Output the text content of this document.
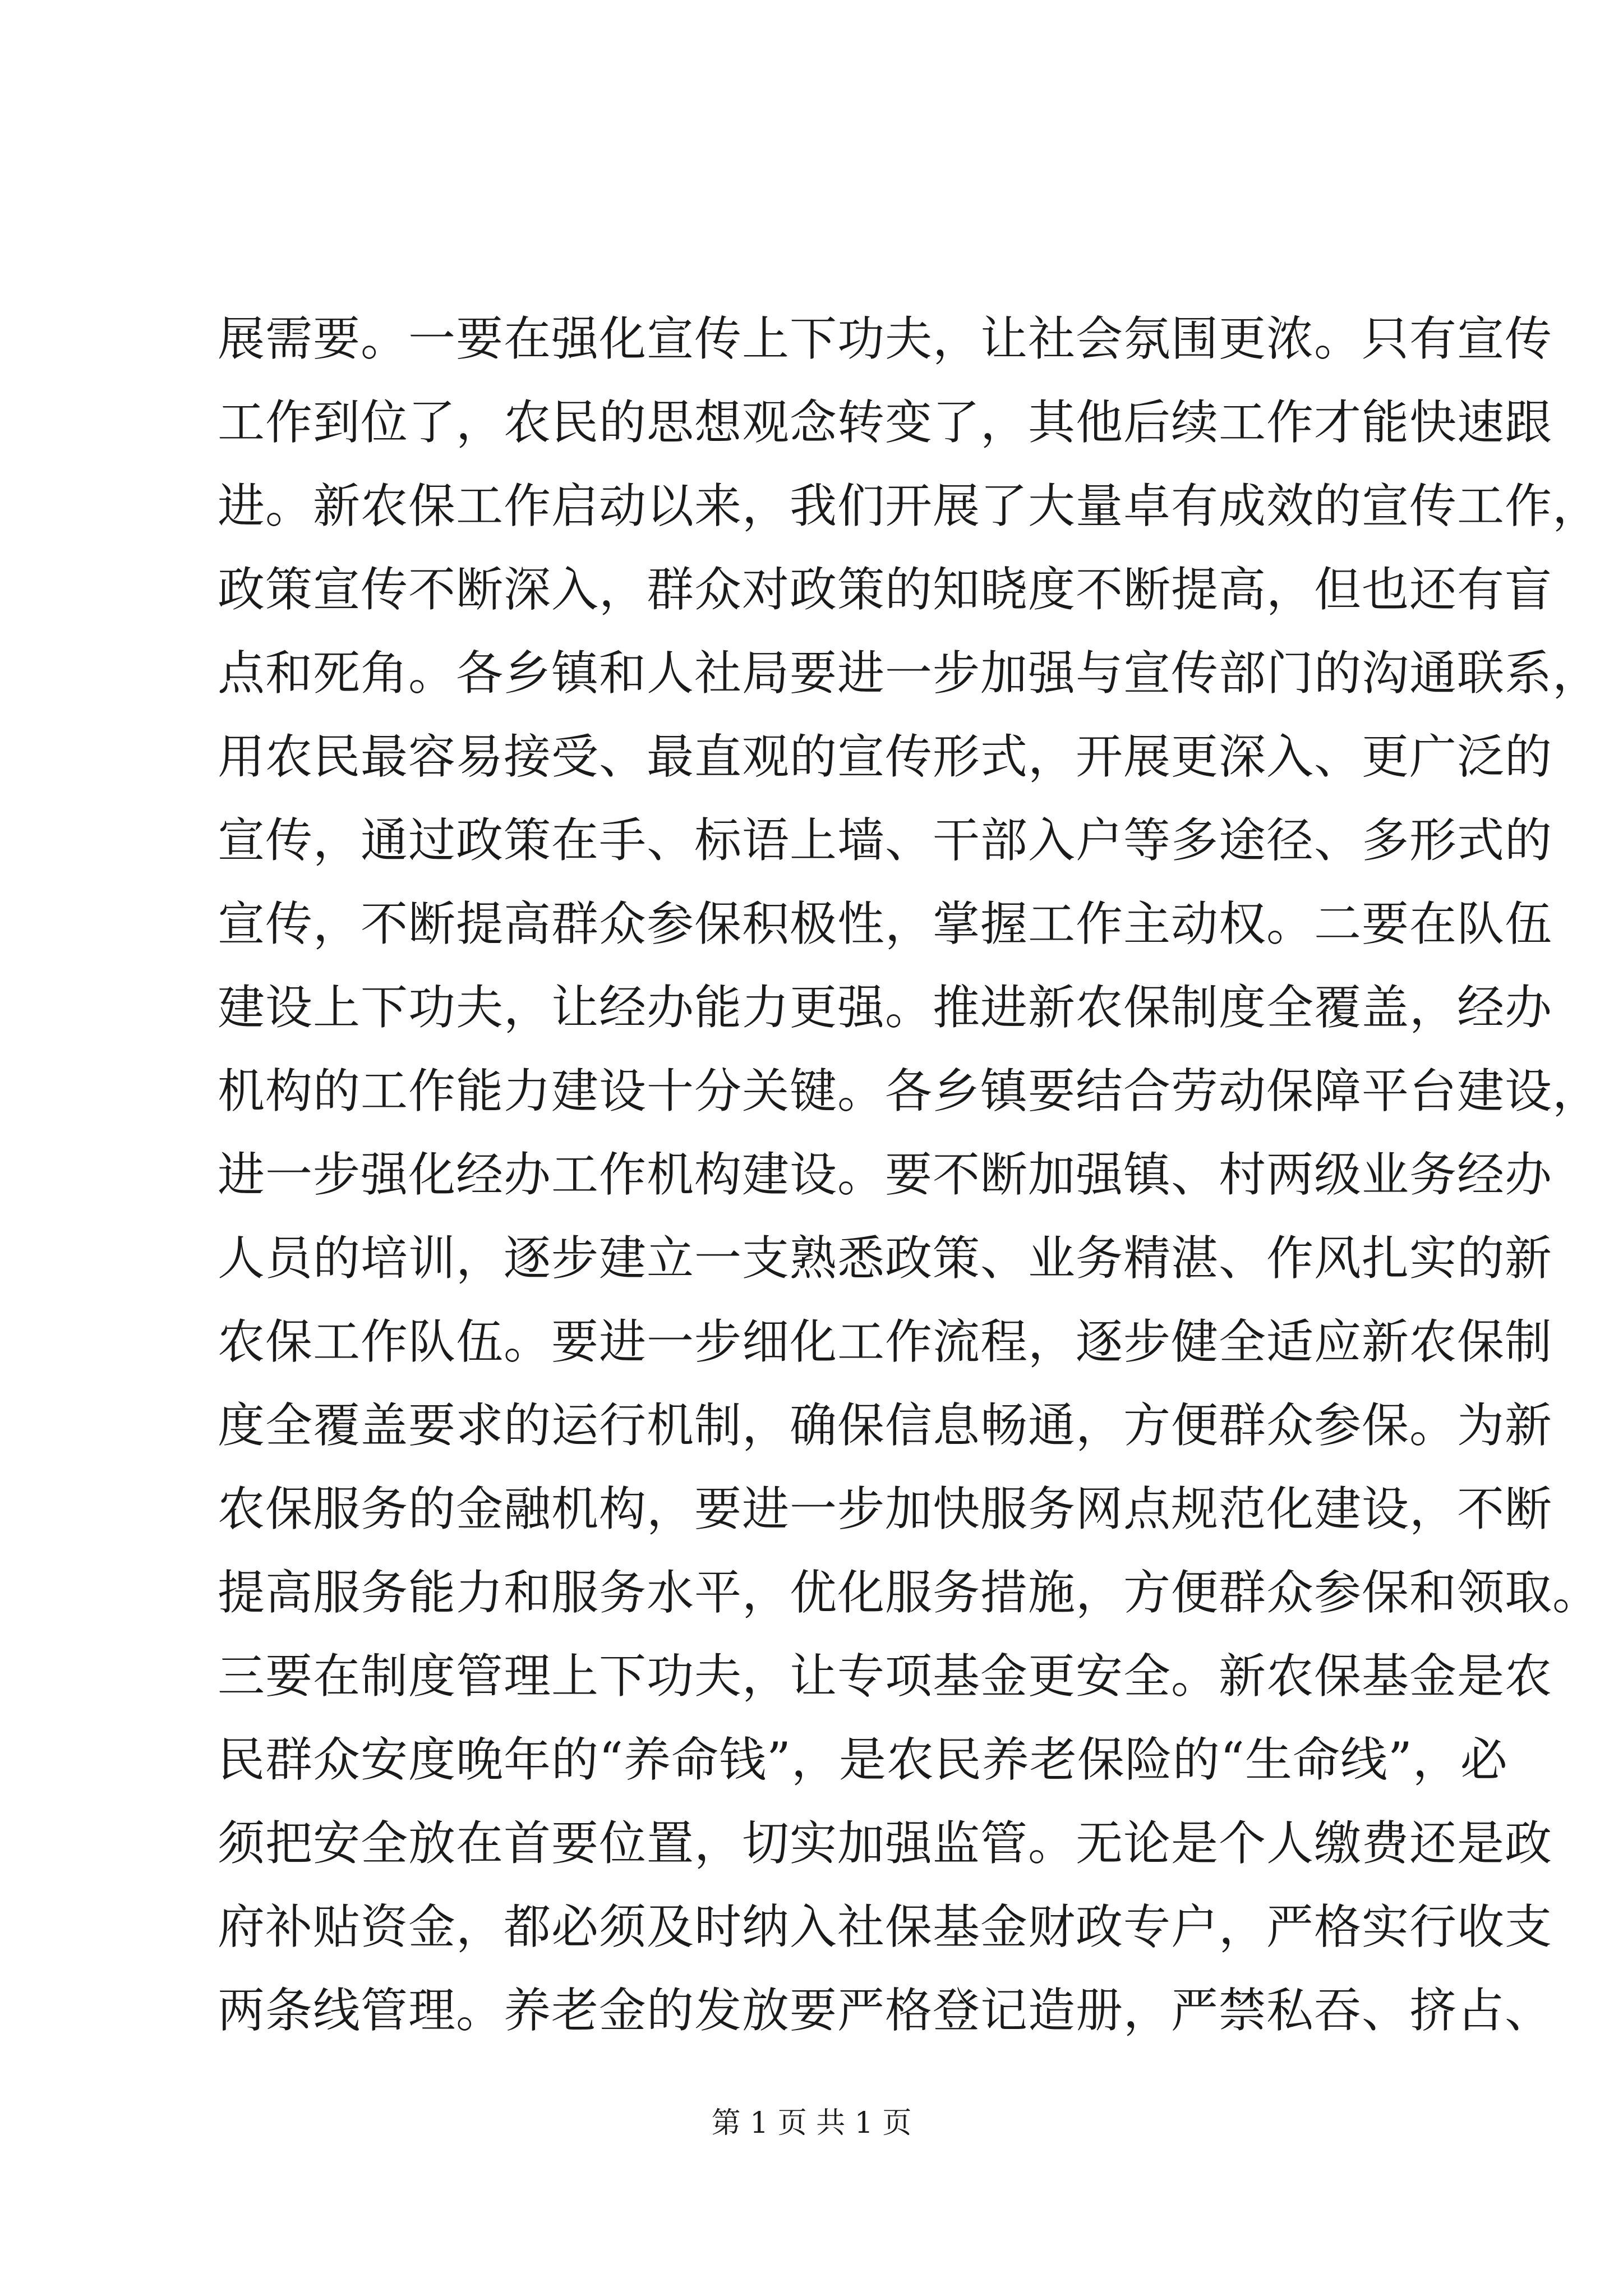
展需要。一要在强化宣传上下功夫，让社会氛围更浓。只有宣传
工作到位了，农民的思想观念转变了，其他后续工作才能快速跟
进。新农保工作启动以来，我们开展了大量卓有成效的宣传工作，
政策宣传不断深入，群众对政策的知晓度不断提高，但也还有盲
点和死角。各乡镇和人社局要进一步加强与宣传部门的沟通联系，
用农民最容易接受、最直观的宣传形式，开展更深入、更广泛的
宣传，通过政策在手、标语上墙、干部入户等多途径、多形式的
宣传，不断提高群众参保积极性，掌握工作主动权。二要在队伍
建设上下功夫，让经办能力更强。推进新农保制度全覆盖，经办
机构的工作能力建设十分关键。各乡镇要结合劳动保障平台建设，
进一步强化经办工作机构建设。要不断加强镇、村两级业务经办
人员的培训，逐步建立一支熟悉政策、业务精湛、作风扎实的新
农保工作队伍。要进一步细化工作流程，逐步健全适应新农保制
度全覆盖要求的运行机制，确保信息畅通，方便群众参保。为新
农保服务的金融机构，要进一步加快服务网点规范化建设，不断
提高服务能力和服务水平，优化服务措施，方便群众参保和领取。
三要在制度管理上下功夫，让专项基金更安全。新农保基金是农
民群众安度晚年的“养命钱”，是农民养老保险的“生命线”，必
须把安全放在首要位置，切实加强监管。无论是个人缴费还是政
府补贴资金，都必须及时纳入社保基金财政专户，严格实行收支
两条线管理。养老金的发放要严格登记造册，严禁私吞、挤占、
第 1 页 共 1 页
